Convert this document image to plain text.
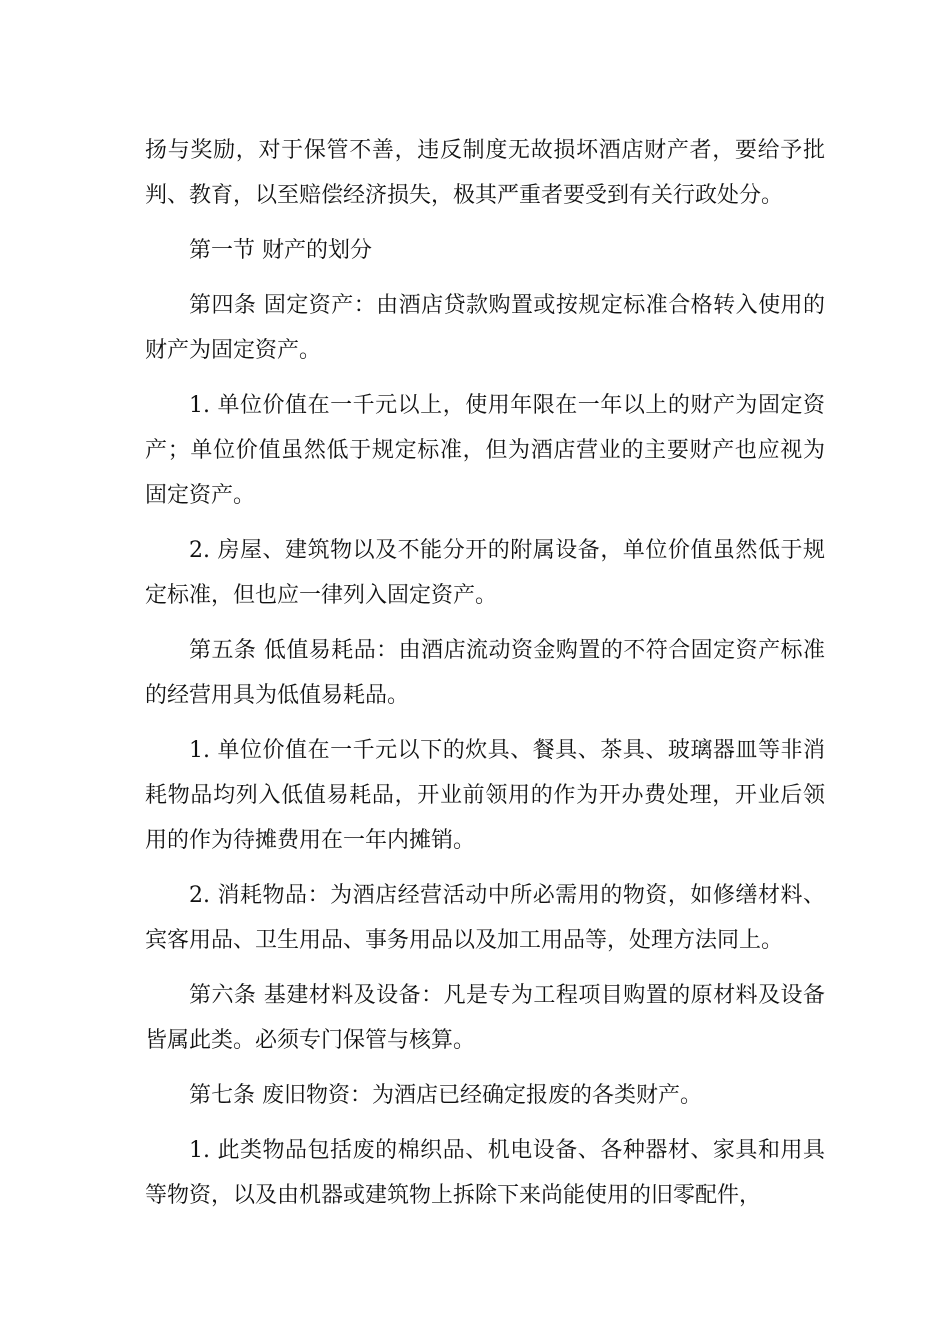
扬与奖励，对于保管不善，违反制度无故损坏酒店财产者，要给予批判、教育，以至赔偿经济损失，极其严重者要受到有关行政处分。

第一节 财产的划分

第四条 固定资产：由酒店贷款购置或按规定标准合格转入使用的财产为固定资产。

1. 单位价值在一千元以上，使用年限在一年以上的财产为固定资产；单位价值虽然低于规定标准，但为酒店营业的主要财产也应视为固定资产。

2. 房屋、建筑物以及不能分开的附属设备，单位价值虽然低于规定标准，但也应一律列入固定资产。

第五条 低值易耗品：由酒店流动资金购置的不符合固定资产标准的经营用具为低值易耗品。

1. 单位价值在一千元以下的炊具、餐具、茶具、玻璃器皿等非消耗物品均列入低值易耗品，开业前领用的作为开办费处理，开业后领用的作为待摊费用在一年内摊销。

2. 消耗物品：为酒店经营活动中所必需用的物资，如修缮材料、宾客用品、卫生用品、事务用品以及加工用品等，处理方法同上。

第六条 基建材料及设备：凡是专为工程项目购置的原材料及设备皆属此类。必须专门保管与核算。

第七条 废旧物资：为酒店已经确定报废的各类财产。

1. 此类物品包括废的棉织品、机电设备、各种器材、家具和用具等物资，以及由机器或建筑物上拆除下来尚能使用的旧零配件，
